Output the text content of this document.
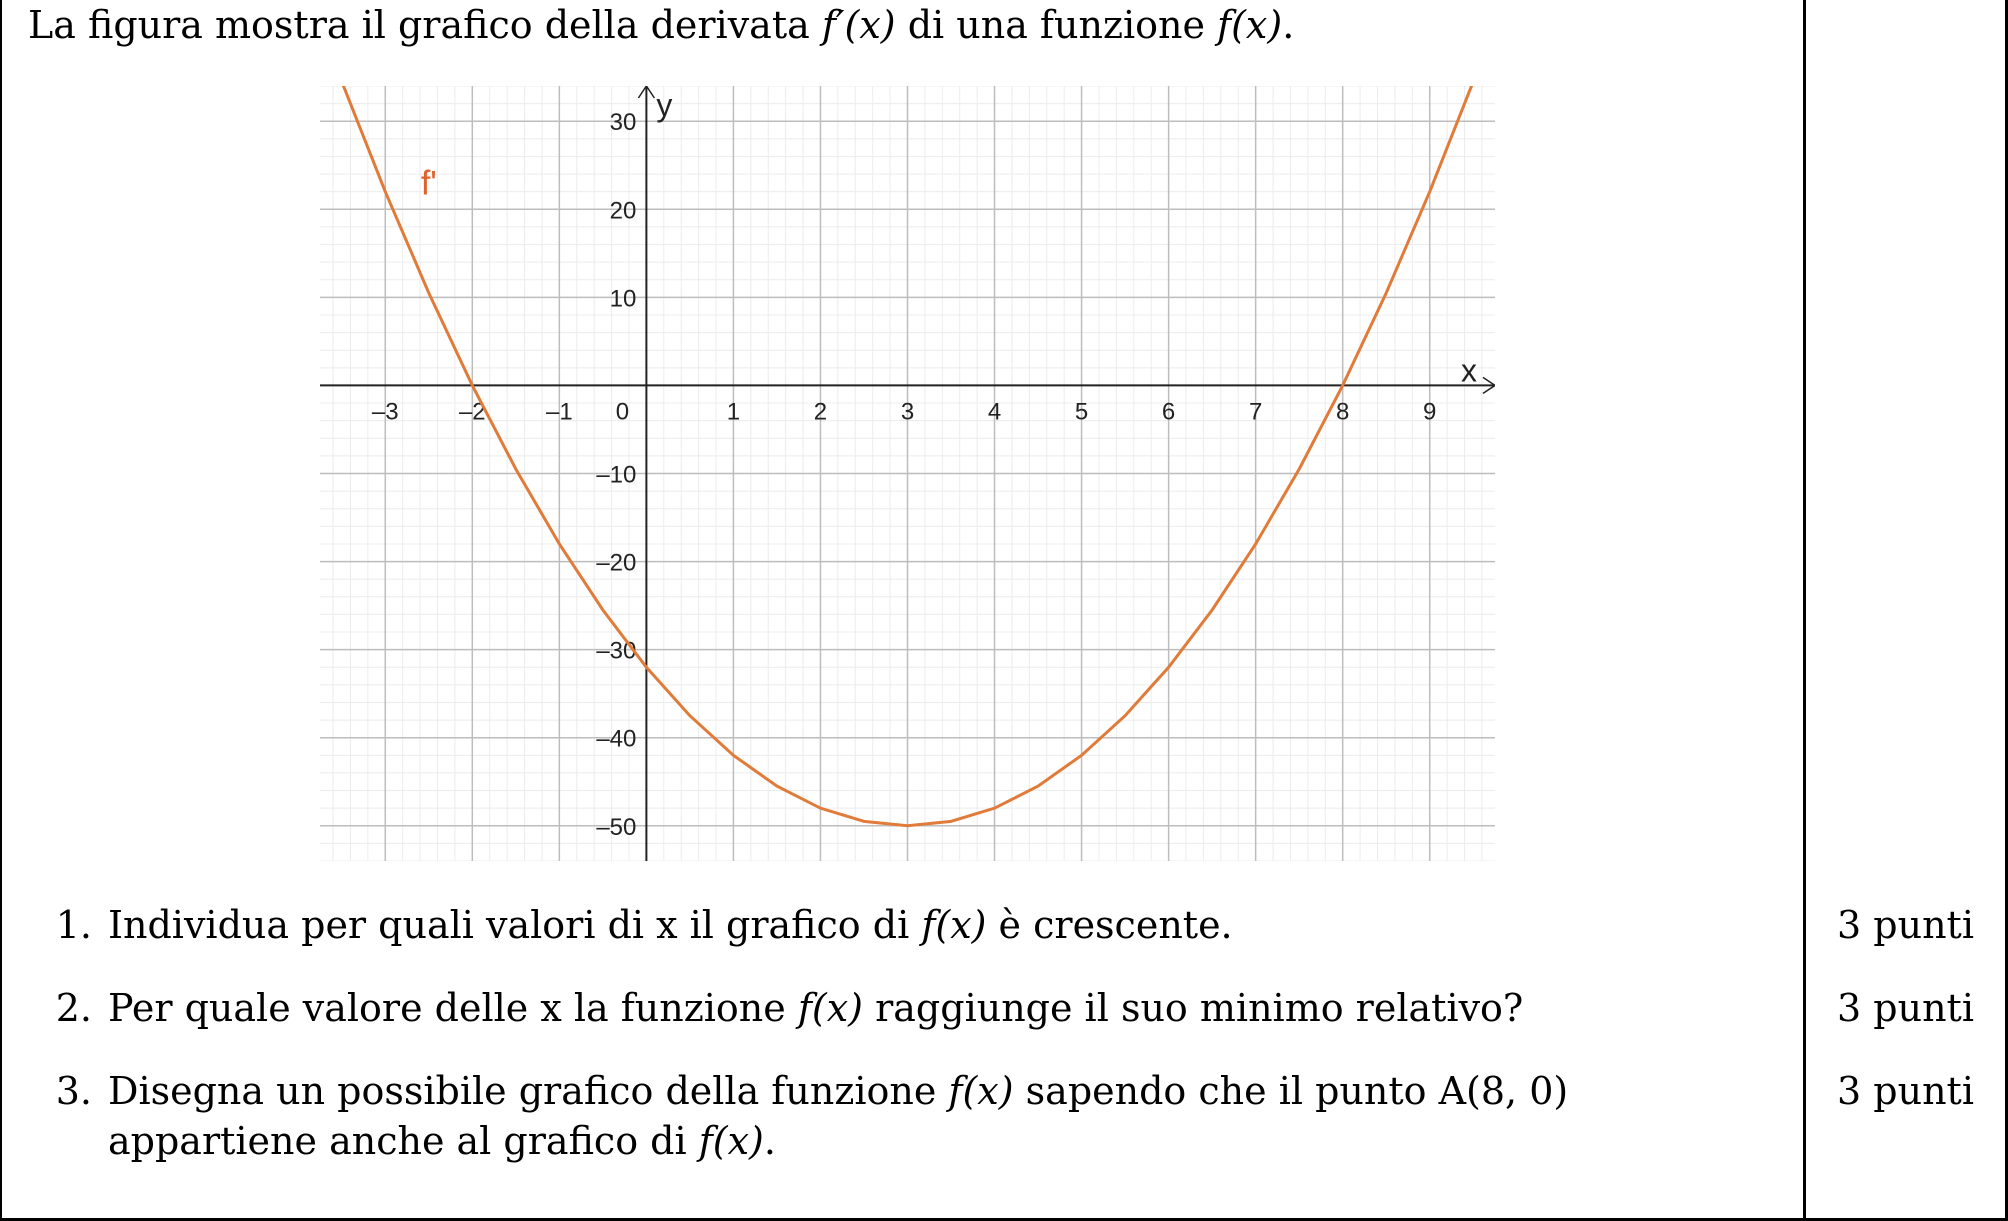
La figura mostra il grafico della derivata f′(x) di una funzione f(x).
x
y
–3	–2	–1	1	2	3	4	5	6	7	8	9
0
30
20
10
–10
–20
–30
–40
–50
f'
1. Individua per quali valori di x il grafico di f(x) è crescente.	3 punti
2. Per quale valore delle x la funzione f(x) raggiunge il suo minimo relativo?	3 punti
3. Disegna un possibile grafico della funzione f(x) sapendo che il punto A(8, 0) appartiene anche al grafico di f(x).
3 punti
